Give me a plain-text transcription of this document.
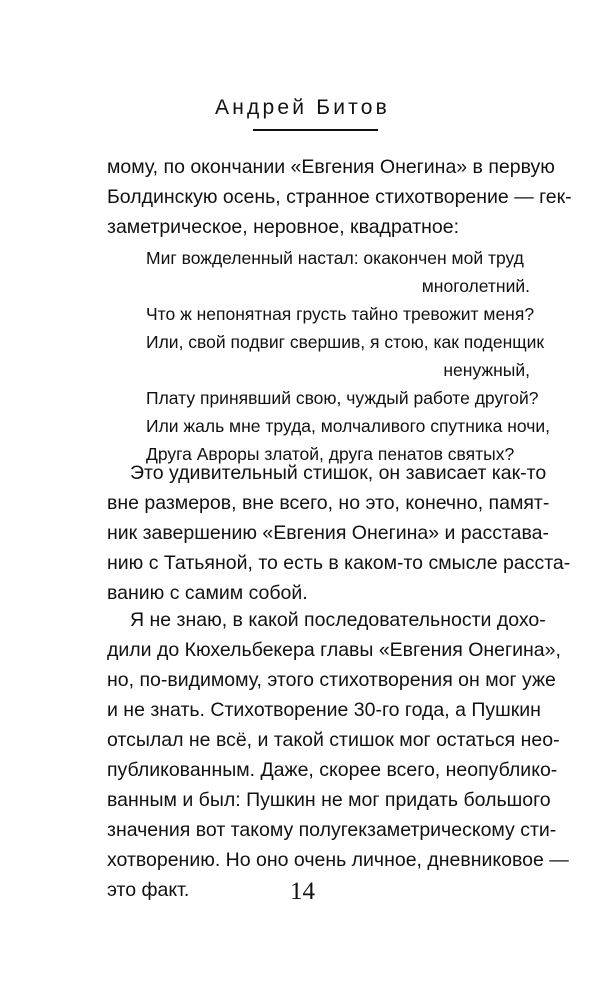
Андрей Битов
мому, по окончании «Евгения Онегина» в первую
Болдинскую осень, странное стихотворение — гек-
заметрическое, неровное, квадратное:
Миг вожделенный настал: окакончен мой труд
многолетний.
Что ж непонятная грусть тайно тревожит меня?
Или, свой подвиг свершив, я стою, как поденщик
ненужный,
Плату принявший свою, чуждый работе другой?
Или жаль мне труда, молчаливого спутника ночи,
Друга Авроры златой, друга пенатов святых?
Это удивительный стишок, он зависает как-то
вне размеров, вне всего, но это, конечно, памят-
ник завершению «Евгения Онегина» и расстава-
нию с Татьяной, то есть в каком-то смысле расста-
ванию с самим собой.
Я не знаю, в какой последовательности дохо-
дили до Кюхельбекера главы «Евгения Онегина»,
но, по-видимому, этого стихотворения он мог уже
и не знать. Стихотворение 30-го года, а Пушкин
отсылал не всё, и такой стишок мог остаться нео-
публикованным. Даже, скорее всего, неопублико-
ванным и был: Пушкин не мог придать большого
значения вот такому полугекзаметрическому сти-
хотворению. Но оно очень личное, дневниковое —
это факт.	14
